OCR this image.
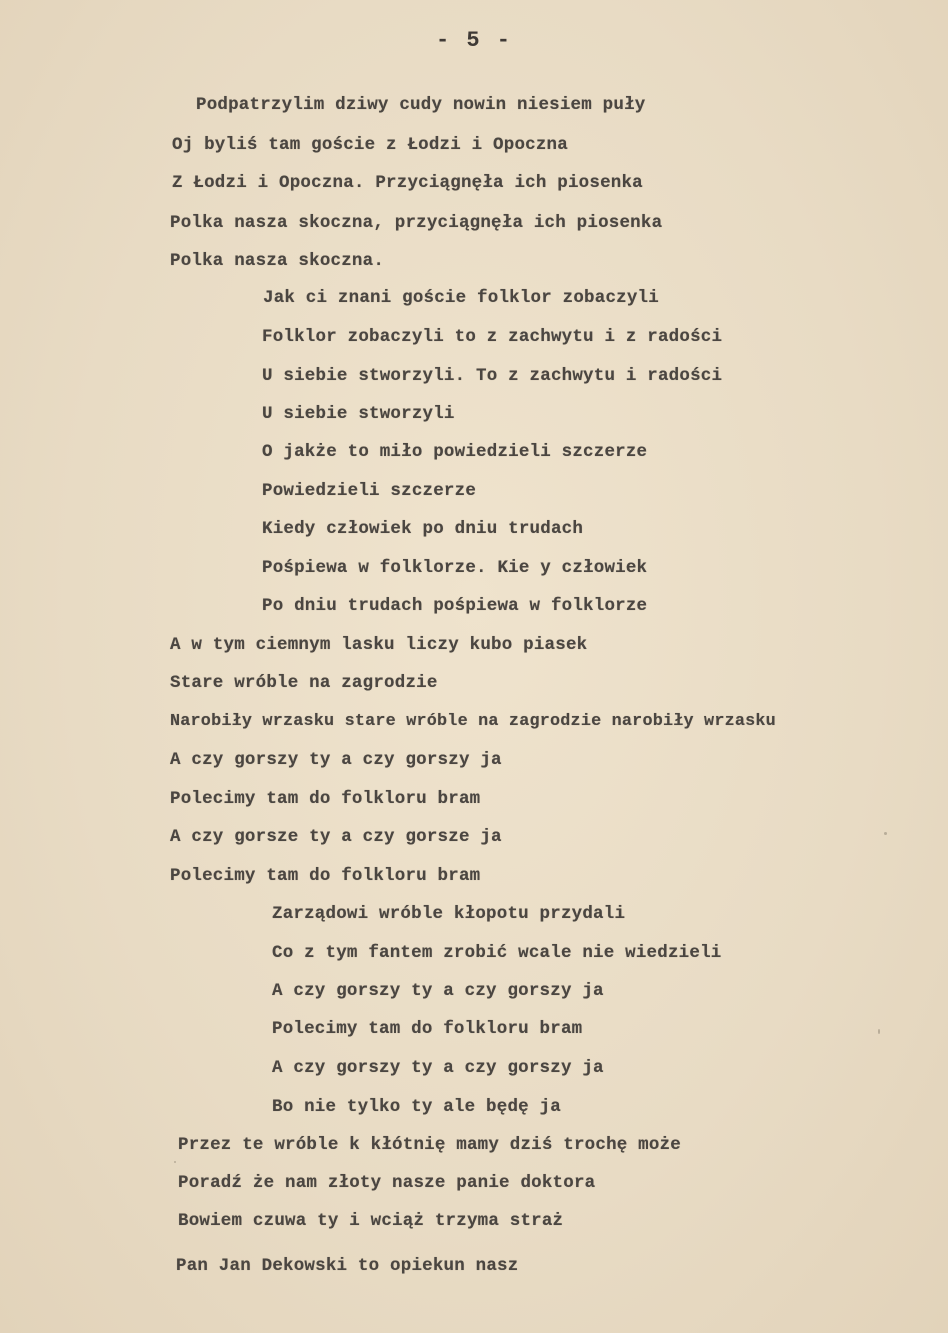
- 5 -
Podpatrzylim dziwy cudy nowin niesiem puły
Oj byliś tam goście z Łodzi i Opoczna
Z Łodzi i Opoczna. Przyciągnęła ich piosenka
Polka nasza skoczna, przyciągnęła ich piosenka
Polka nasza skoczna.
Jak ci znani goście folklor zobaczyli
Folklor zobaczyli to z zachwytu i z radości
U siebie stworzyli. To z zachwytu i radości
U siebie stworzyli
O jakże to miło powiedzieli szczerze
Powiedzieli szczerze
Kiedy człowiek po dniu trudach
Pośpiewa w folklorze. Kie y człowiek
Po dniu trudach pośpiewa w folklorze
A w tym ciemnym lasku liczy kubo piasek
Stare wróble na zagrodzie
Narobiły wrzasku stare wróble na zagrodzie narobiły wrzasku
A czy gorszy ty a czy gorszy ja
Polecimy tam do folkloru bram
A czy gorsze ty a czy gorsze ja
Polecimy tam do folkloru bram
Zarządowi wróble kłopotu przydali
Co z tym fantem zrobić wcale nie wiedzieli
A czy gorszy ty a czy gorszy ja
Polecimy tam do folkloru bram
A czy gorszy ty a czy gorszy ja
Bo nie tylko ty ale będę ja
Przez te wróble k kłótnię mamy dziś trochę może
Poradź że nam złoty nasze panie doktora
Bowiem czuwa ty i wciąż trzyma straż
Pan Jan Dekowski to opiekun nasz
